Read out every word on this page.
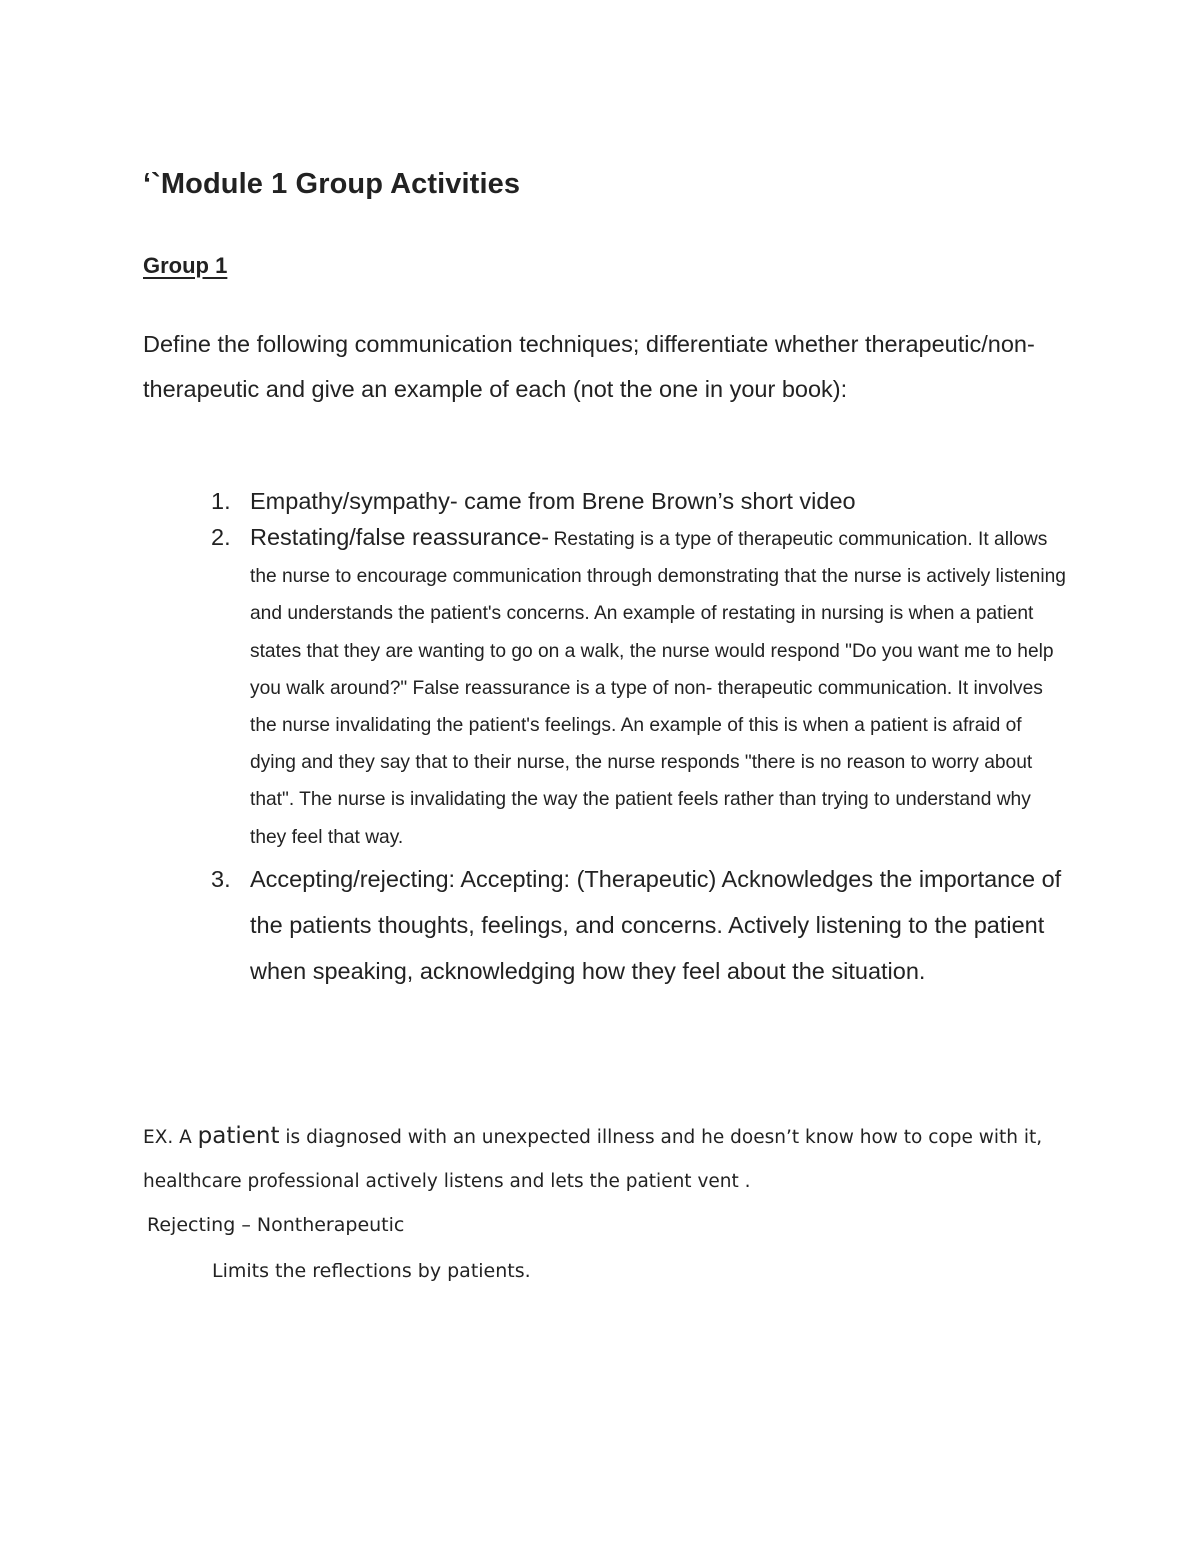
‘`Module 1 Group Activities
Group 1

Define the following communication techniques; differentiate whether therapeutic/non-therapeutic and give an example of each (not the one in your book):

1. Empathy/sympathy- came from Brene Brown’s short video
2. Restating/false reassurance- Restating is a type of therapeutic communication. It allows the nurse to encourage communication through demonstrating that the nurse is actively listening and understands the patient's concerns. An example of restating in nursing is when a patient states that they are wanting to go on a walk, the nurse would respond "Do you want me to help you walk around?" False reassurance is a type of non- therapeutic communication. It involves the nurse invalidating the patient's feelings. An example of this is when a patient is afraid of dying and they say that to their nurse, the nurse responds "there is no reason to worry about that". The nurse is invalidating the way the patient feels rather than trying to understand why they feel that way.
3. Accepting/rejecting: Accepting: (Therapeutic) Acknowledges the importance of the patients thoughts, feelings, and concerns. Actively listening to the patient when speaking, acknowledging how they feel about the situation.

EX. A patient is diagnosed with an unexpected illness and he doesn’t know how to cope with it, healthcare professional actively listens and lets the patient vent .

Rejecting – Nontherapeutic

Limits the reflections by patients.
